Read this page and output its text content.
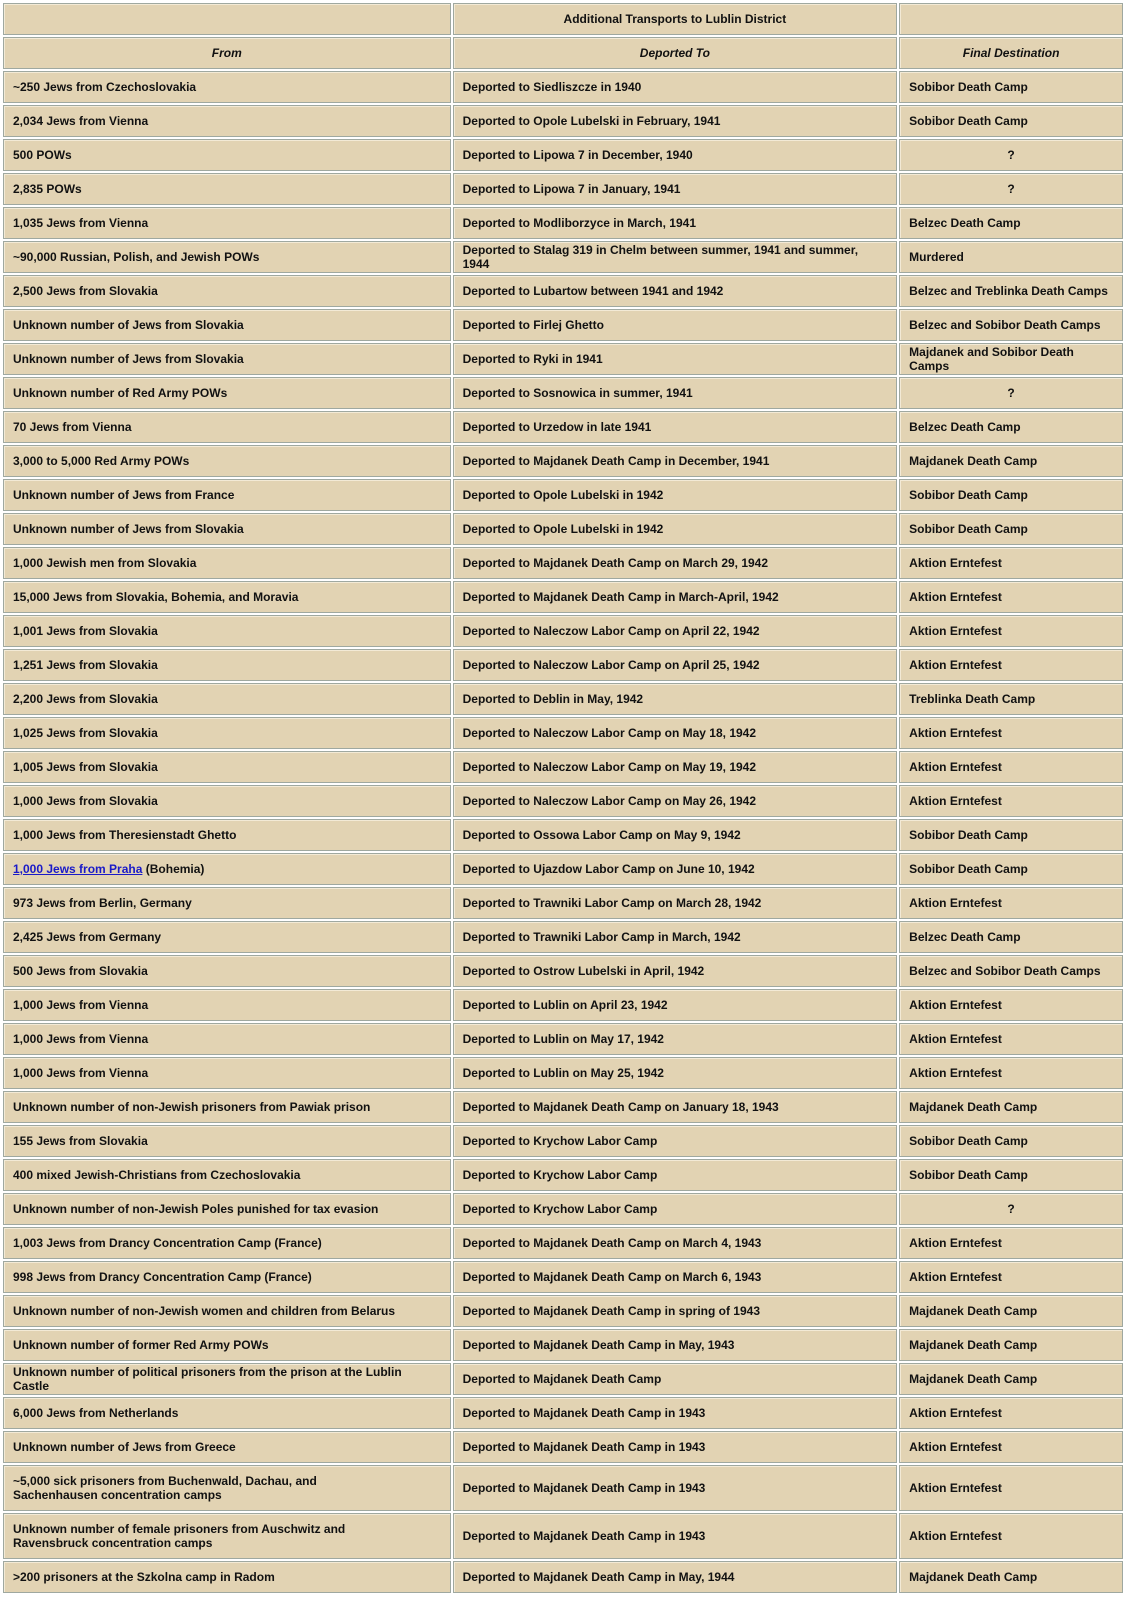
	Additional Transports to Lublin District	
From	Deported To	Final Destination
~250 Jews from Czechoslovakia	Deported to Siedliszcze in 1940	Sobibor Death Camp
2,034 Jews from Vienna	Deported to Opole Lubelski in February, 1941	Sobibor Death Camp
500 POWs	Deported to Lipowa 7 in December, 1940	?
2,835 POWs	Deported to Lipowa 7 in January, 1941	?
1,035 Jews from Vienna	Deported to Modliborzyce in March, 1941	Belzec Death Camp
~90,000 Russian, Polish, and Jewish POWs	Deported to Stalag 319 in Chelm between summer, 1941 and summer, 1944	Murdered
2,500 Jews from Slovakia	Deported to Lubartow between 1941 and 1942	Belzec and Treblinka Death Camps
Unknown number of Jews from Slovakia	Deported to Firlej Ghetto	Belzec and Sobibor Death Camps
Unknown number of Jews from Slovakia	Deported to Ryki in 1941	Majdanek and Sobibor Death Camps
Unknown number of Red Army POWs	Deported to Sosnowica in summer, 1941	?
70 Jews from Vienna	Deported to Urzedow in late 1941	Belzec Death Camp
3,000 to 5,000 Red Army POWs	Deported to Majdanek Death Camp in December, 1941	Majdanek Death Camp
Unknown number of Jews from France	Deported to Opole Lubelski in 1942	Sobibor Death Camp
Unknown number of Jews from Slovakia	Deported to Opole Lubelski in 1942	Sobibor Death Camp
1,000 Jewish men from Slovakia	Deported to Majdanek Death Camp on March 29, 1942	Aktion Erntefest
15,000 Jews from Slovakia, Bohemia, and Moravia	Deported to Majdanek Death Camp in March-April, 1942	Aktion Erntefest
1,001 Jews from Slovakia	Deported to Naleczow Labor Camp on April 22, 1942	Aktion Erntefest
1,251 Jews from Slovakia	Deported to Naleczow Labor Camp on April 25, 1942	Aktion Erntefest
2,200 Jews from Slovakia	Deported to Deblin in May, 1942	Treblinka Death Camp
1,025 Jews from Slovakia	Deported to Naleczow Labor Camp on May 18, 1942	Aktion Erntefest
1,005 Jews from Slovakia	Deported to Naleczow Labor Camp on May 19, 1942	Aktion Erntefest
1,000 Jews from Slovakia	Deported to Naleczow Labor Camp on May 26, 1942	Aktion Erntefest
1,000 Jews from Theresienstadt Ghetto	Deported to Ossowa Labor Camp on May 9, 1942	Sobibor Death Camp
1,000 Jews from Praha (Bohemia)	Deported to Ujazdow Labor Camp on June 10, 1942	Sobibor Death Camp
973 Jews from Berlin, Germany	Deported to Trawniki Labor Camp on March 28, 1942	Aktion Erntefest
2,425 Jews from Germany	Deported to Trawniki Labor Camp in March, 1942	Belzec Death Camp
500 Jews from Slovakia	Deported to Ostrow Lubelski in April, 1942	Belzec and Sobibor Death Camps
1,000 Jews from Vienna	Deported to Lublin on April 23, 1942	Aktion Erntefest
1,000 Jews from Vienna	Deported to Lublin on May 17, 1942	Aktion Erntefest
1,000 Jews from Vienna	Deported to Lublin on May 25, 1942	Aktion Erntefest
Unknown number of non-Jewish prisoners from Pawiak prison	Deported to Majdanek Death Camp on January 18, 1943	Majdanek Death Camp
155 Jews from Slovakia	Deported to Krychow Labor Camp	Sobibor Death Camp
400 mixed Jewish-Christians from Czechoslovakia	Deported to Krychow Labor Camp	Sobibor Death Camp
Unknown number of non-Jewish Poles punished for tax evasion	Deported to Krychow Labor Camp	?
1,003 Jews from Drancy Concentration Camp (France)	Deported to Majdanek Death Camp on March 4, 1943	Aktion Erntefest
998 Jews from Drancy Concentration Camp (France)	Deported to Majdanek Death Camp on March 6, 1943	Aktion Erntefest
Unknown number of non-Jewish women and children from Belarus	Deported to Majdanek Death Camp in spring of 1943	Majdanek Death Camp
Unknown number of former Red Army POWs	Deported to Majdanek Death Camp in May, 1943	Majdanek Death Camp
Unknown number of political prisoners from the prison at the Lublin Castle	Deported to Majdanek Death Camp	Majdanek Death Camp
6,000 Jews from Netherlands	Deported to Majdanek Death Camp in 1943	Aktion Erntefest
Unknown number of Jews from Greece	Deported to Majdanek Death Camp in 1943	Aktion Erntefest
~5,000 sick prisoners from Buchenwald, Dachau, and
Sachenhausen concentration camps	Deported to Majdanek Death Camp in 1943	Aktion Erntefest
Unknown number of female prisoners from Auschwitz and
Ravensbruck concentration camps	Deported to Majdanek Death Camp in 1943	Aktion Erntefest
>200 prisoners at the Szkolna camp in Radom	Deported to Majdanek Death Camp in May, 1944	Majdanek Death Camp
